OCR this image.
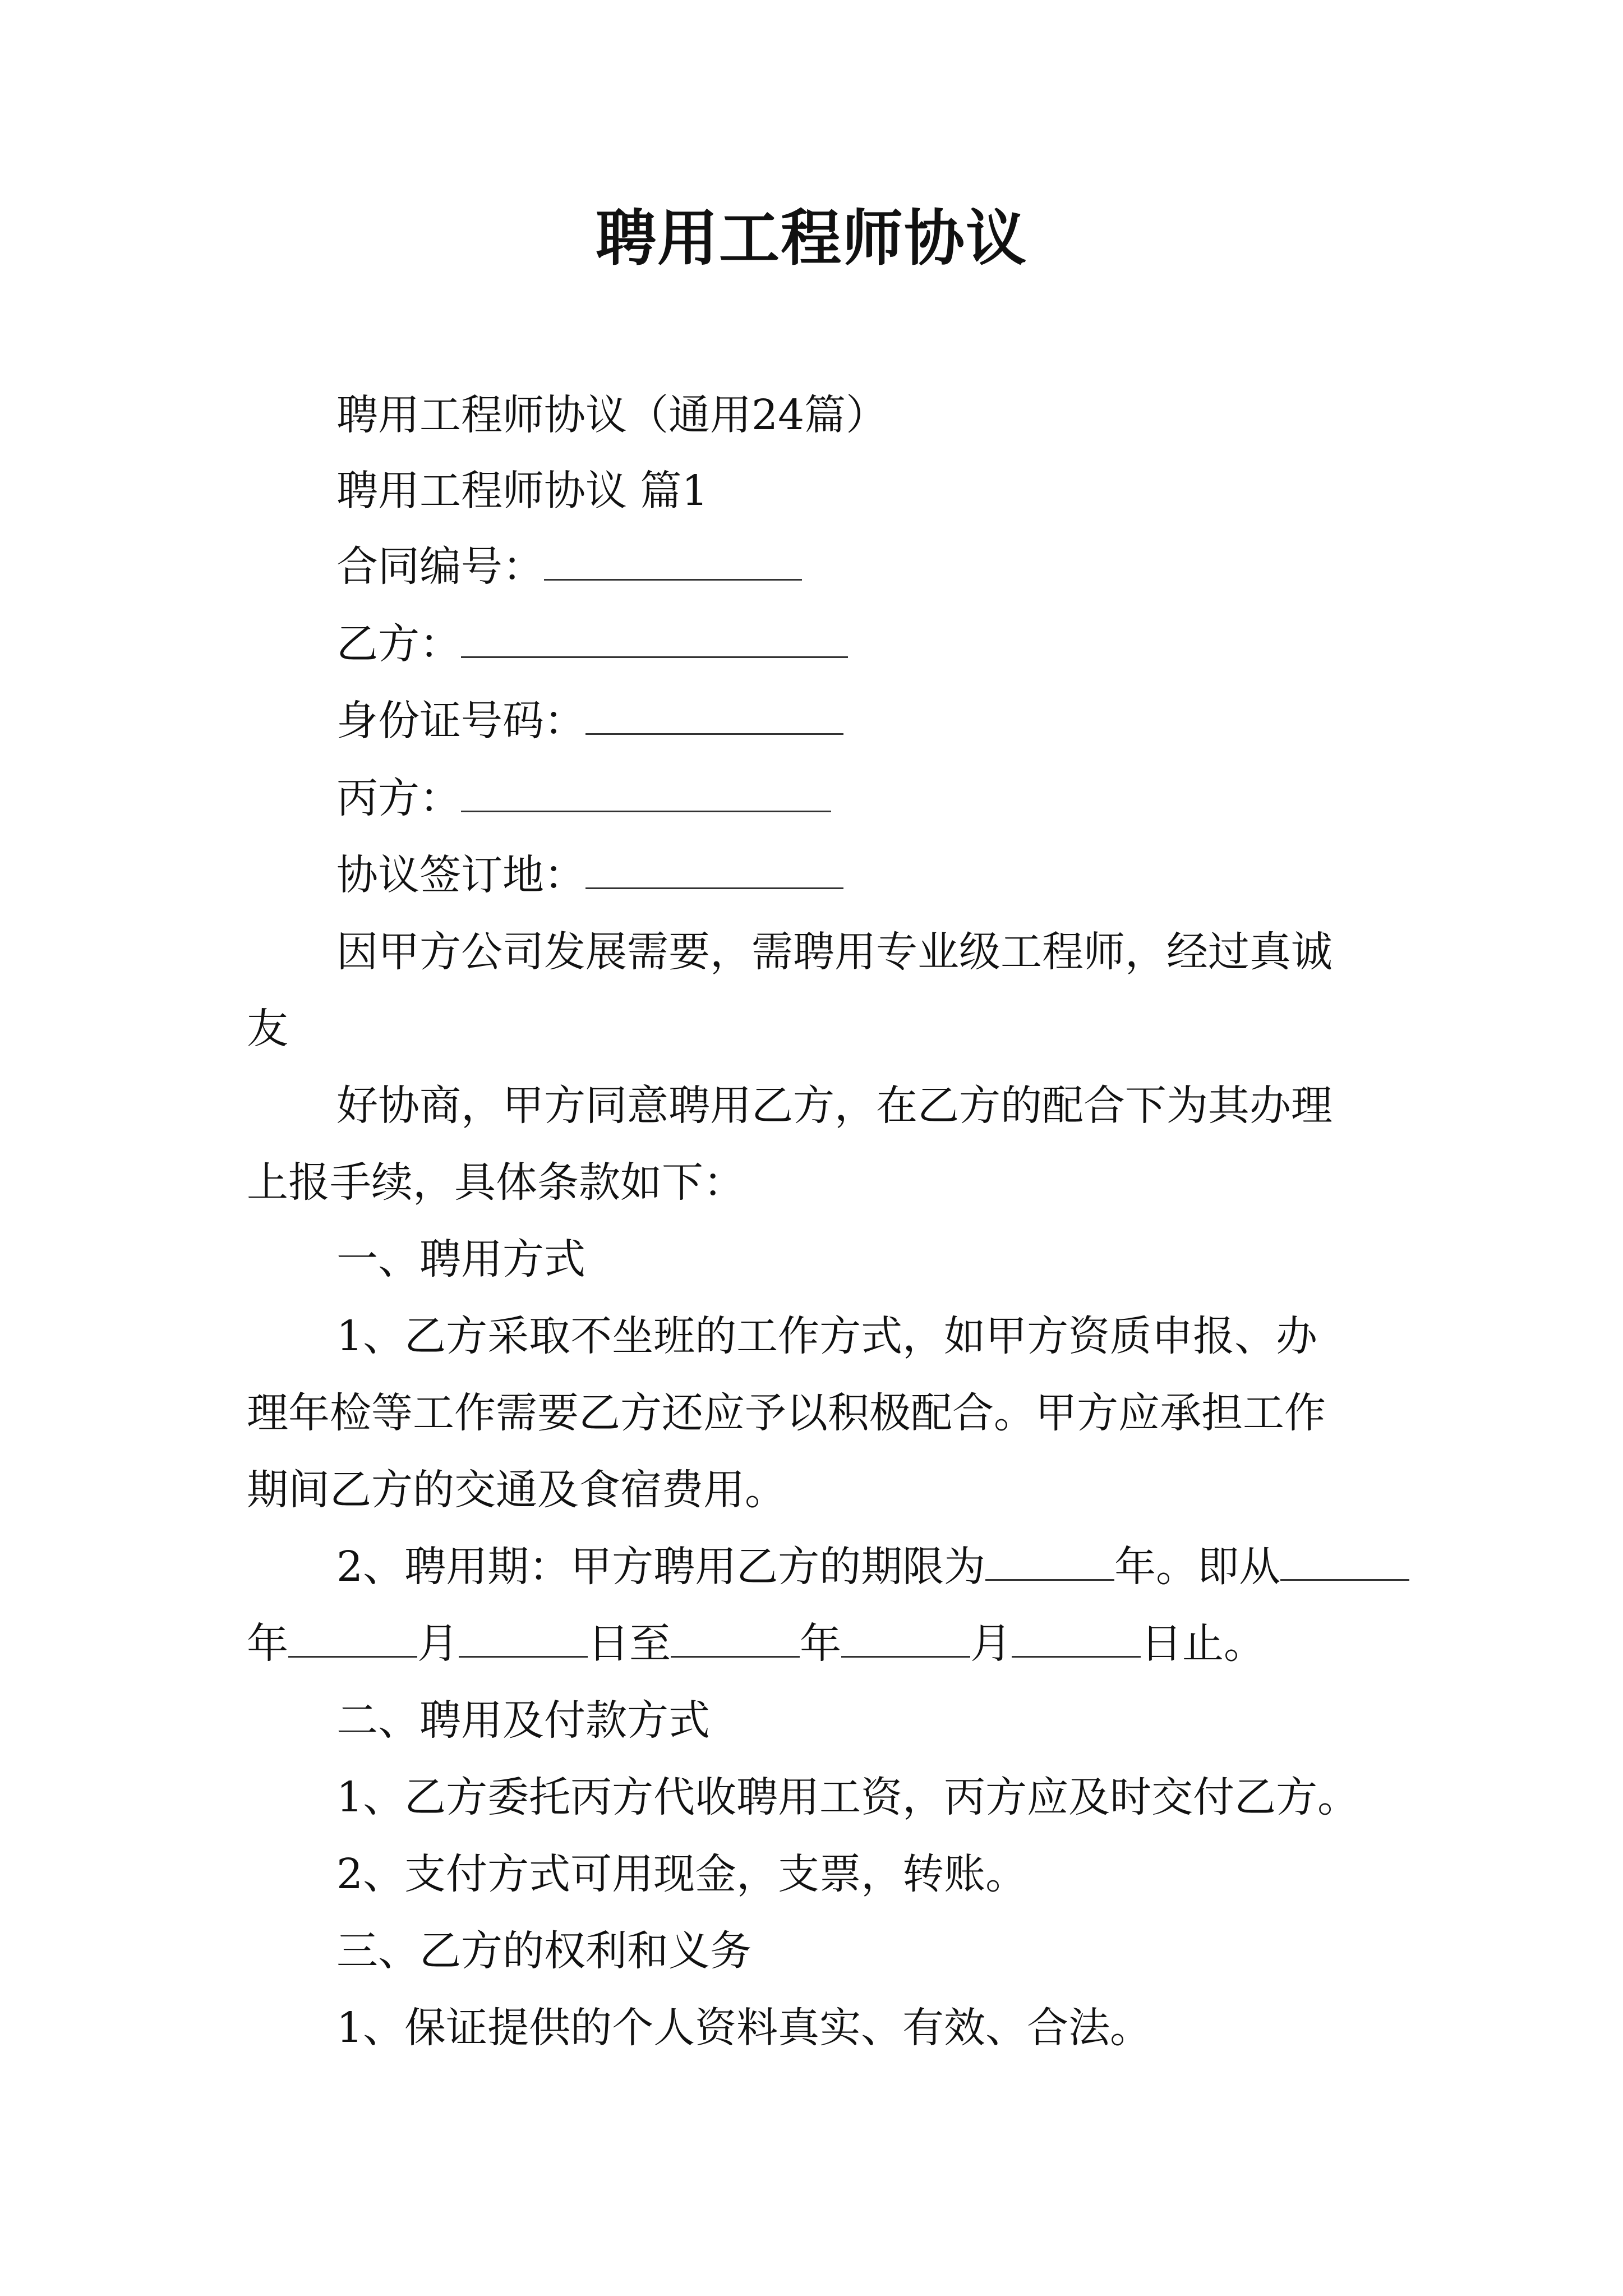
聘用工程师协议
聘用工程师协议（通用24篇）
聘用工程师协议 篇1
合同编号：
乙方：
身份证号码：
丙方：
协议签订地：
因甲方公司发展需要，需聘用专业级工程师，经过真诚
友
好协商，甲方同意聘用乙方，在乙方的配合下为其办理
上报手续，具体条款如下：
一、聘用方式
1、乙方采取不坐班的工作方式，如甲方资质申报、办
理年检等工作需要乙方还应予以积极配合。甲方应承担工作
期间乙方的交通及食宿费用。
2、聘用期：甲方聘用乙方的期限为	年。即从
年	月	日至	年	月	日止。
二、聘用及付款方式
1、乙方委托丙方代收聘用工资，丙方应及时交付乙方。
2、支付方式可用现金，支票，转账。
三、乙方的权利和义务
1、保证提供的个人资料真实、有效、合法。
